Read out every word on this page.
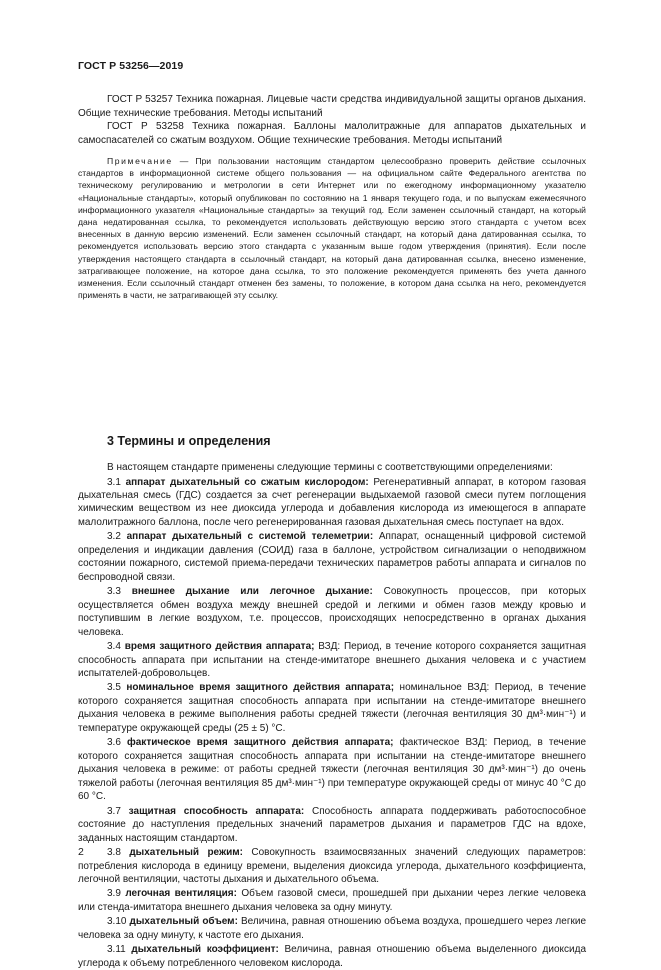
ГОСТ Р 53256—2019

ГОСТ Р 53257 Техника пожарная. Лицевые части средства индивидуальной защиты органов дыхания. Общие технические требования. Методы испытаний

ГОСТ Р 53258 Техника пожарная. Баллоны малолитражные для аппаратов дыхательных и самоспасателей со сжатым воздухом. Общие технические требования. Методы испытаний

Примечание — При пользовании настоящим стандартом целесообразно проверить действие ссылочных стандартов в информационной системе общего пользования — на официальном сайте Федерального агентства по техническому регулированию и метрологии в сети Интернет или по ежегодному информационному указателю «Национальные стандарты», который опубликован по состоянию на 1 января текущего года, и по выпускам ежемесячного информационного указателя «Национальные стандарты» за текущий год. Если заменен ссылочный стандарт, на который дана недатированная ссылка, то рекомендуется использовать действующую версию этого стандарта с учетом всех внесенных в данную версию изменений. Если заменен ссылочный стандарт, на который дана датированная ссылка, то рекомендуется использовать версию этого стандарта с указанным выше годом утверждения (принятия). Если после утверждения настоящего стандарта в ссылочный стандарт, на который дана датированная ссылка, внесено изменение, затрагивающее положение, на которое дана ссылка, то это положение рекомендуется применять без учета данного изменения. Если ссылочный стандарт отменен без замены, то положение, в котором дана ссылка на него, рекомендуется применять в части, не затрагивающей эту ссылку.

3 Термины и определения

В настоящем стандарте применены следующие термины с соответствующими определениями:

3.1 аппарат дыхательный со сжатым кислородом: Регенеративный аппарат, в котором газовая дыхательная смесь (ГДС) создается за счет регенерации выдыхаемой газовой смеси путем поглощения химическим веществом из нее диоксида углерода и добавления кислорода из имеющегося в аппарате малолитражного баллона, после чего регенерированная газовая дыхательная смесь поступает на вдох.

3.2 аппарат дыхательный с системой телеметрии: Аппарат, оснащенный цифровой системой определения и индикации давления (СОИД) газа в баллоне, устройством сигнализации о неподвижном состоянии пожарного, системой приема-передачи технических параметров работы аппарата и сигналов по беспроводной связи.

3.3 внешнее дыхание или легочное дыхание: Совокупность процессов, при которых осуществляется обмен воздуха между внешней средой и легкими и обмен газов между кровью и поступившим в легкие воздухом, т.е. процессов, происходящих непосредственно в органах дыхания человека.

3.4 время защитного действия аппарата; ВЗД: Период, в течение которого сохраняется защитная способность аппарата при испытании на стенде-имитаторе внешнего дыхания человека и с участием испытателей-добровольцев.

3.5 номинальное время защитного действия аппарата; номинальное ВЗД: Период, в течение которого сохраняется защитная способность аппарата при испытании на стенде-имитаторе внешнего дыхания человека в режиме выполнения работы средней тяжести (легочная вентиляция 30 дм³·мин⁻¹) и температуре окружающей среды (25 ± 5) °С.

3.6 фактическое время защитного действия аппарата; фактическое ВЗД: Период, в течение которого сохраняется защитная способность аппарата при испытании на стенде-имитаторе внешнего дыхания человека в режиме: от работы средней тяжести (легочная вентиляция 30 дм³·мин⁻¹) до очень тяжелой работы (легочная вентиляция 85 дм³·мин⁻¹) при температуре окружающей среды от минус 40 °С до 60 °С.

3.7 защитная способность аппарата: Способность аппарата поддерживать работоспособное состояние до наступления предельных значений параметров дыхания и параметров ГДС на вдохе, заданных настоящим стандартом.

3.8 дыхательный режим: Совокупность взаимосвязанных значений следующих параметров: потребления кислорода в единицу времени, выделения диоксида углерода, дыхательного коэффициента, легочной вентиляции, частоты дыхания и дыхательного объема.

3.9 легочная вентиляция: Объем газовой смеси, прошедшей при дыхании через легкие человека или стенда-имитатора внешнего дыхания человека за одну минуту.

3.10 дыхательный объем: Величина, равная отношению объема воздуха, прошедшего через легкие человека за одну минуту, к частоте его дыхания.

3.11 дыхательный коэффициент: Величина, равная отношению объема выделенного диоксида углерода к объему потребленного человеком кислорода.

2
